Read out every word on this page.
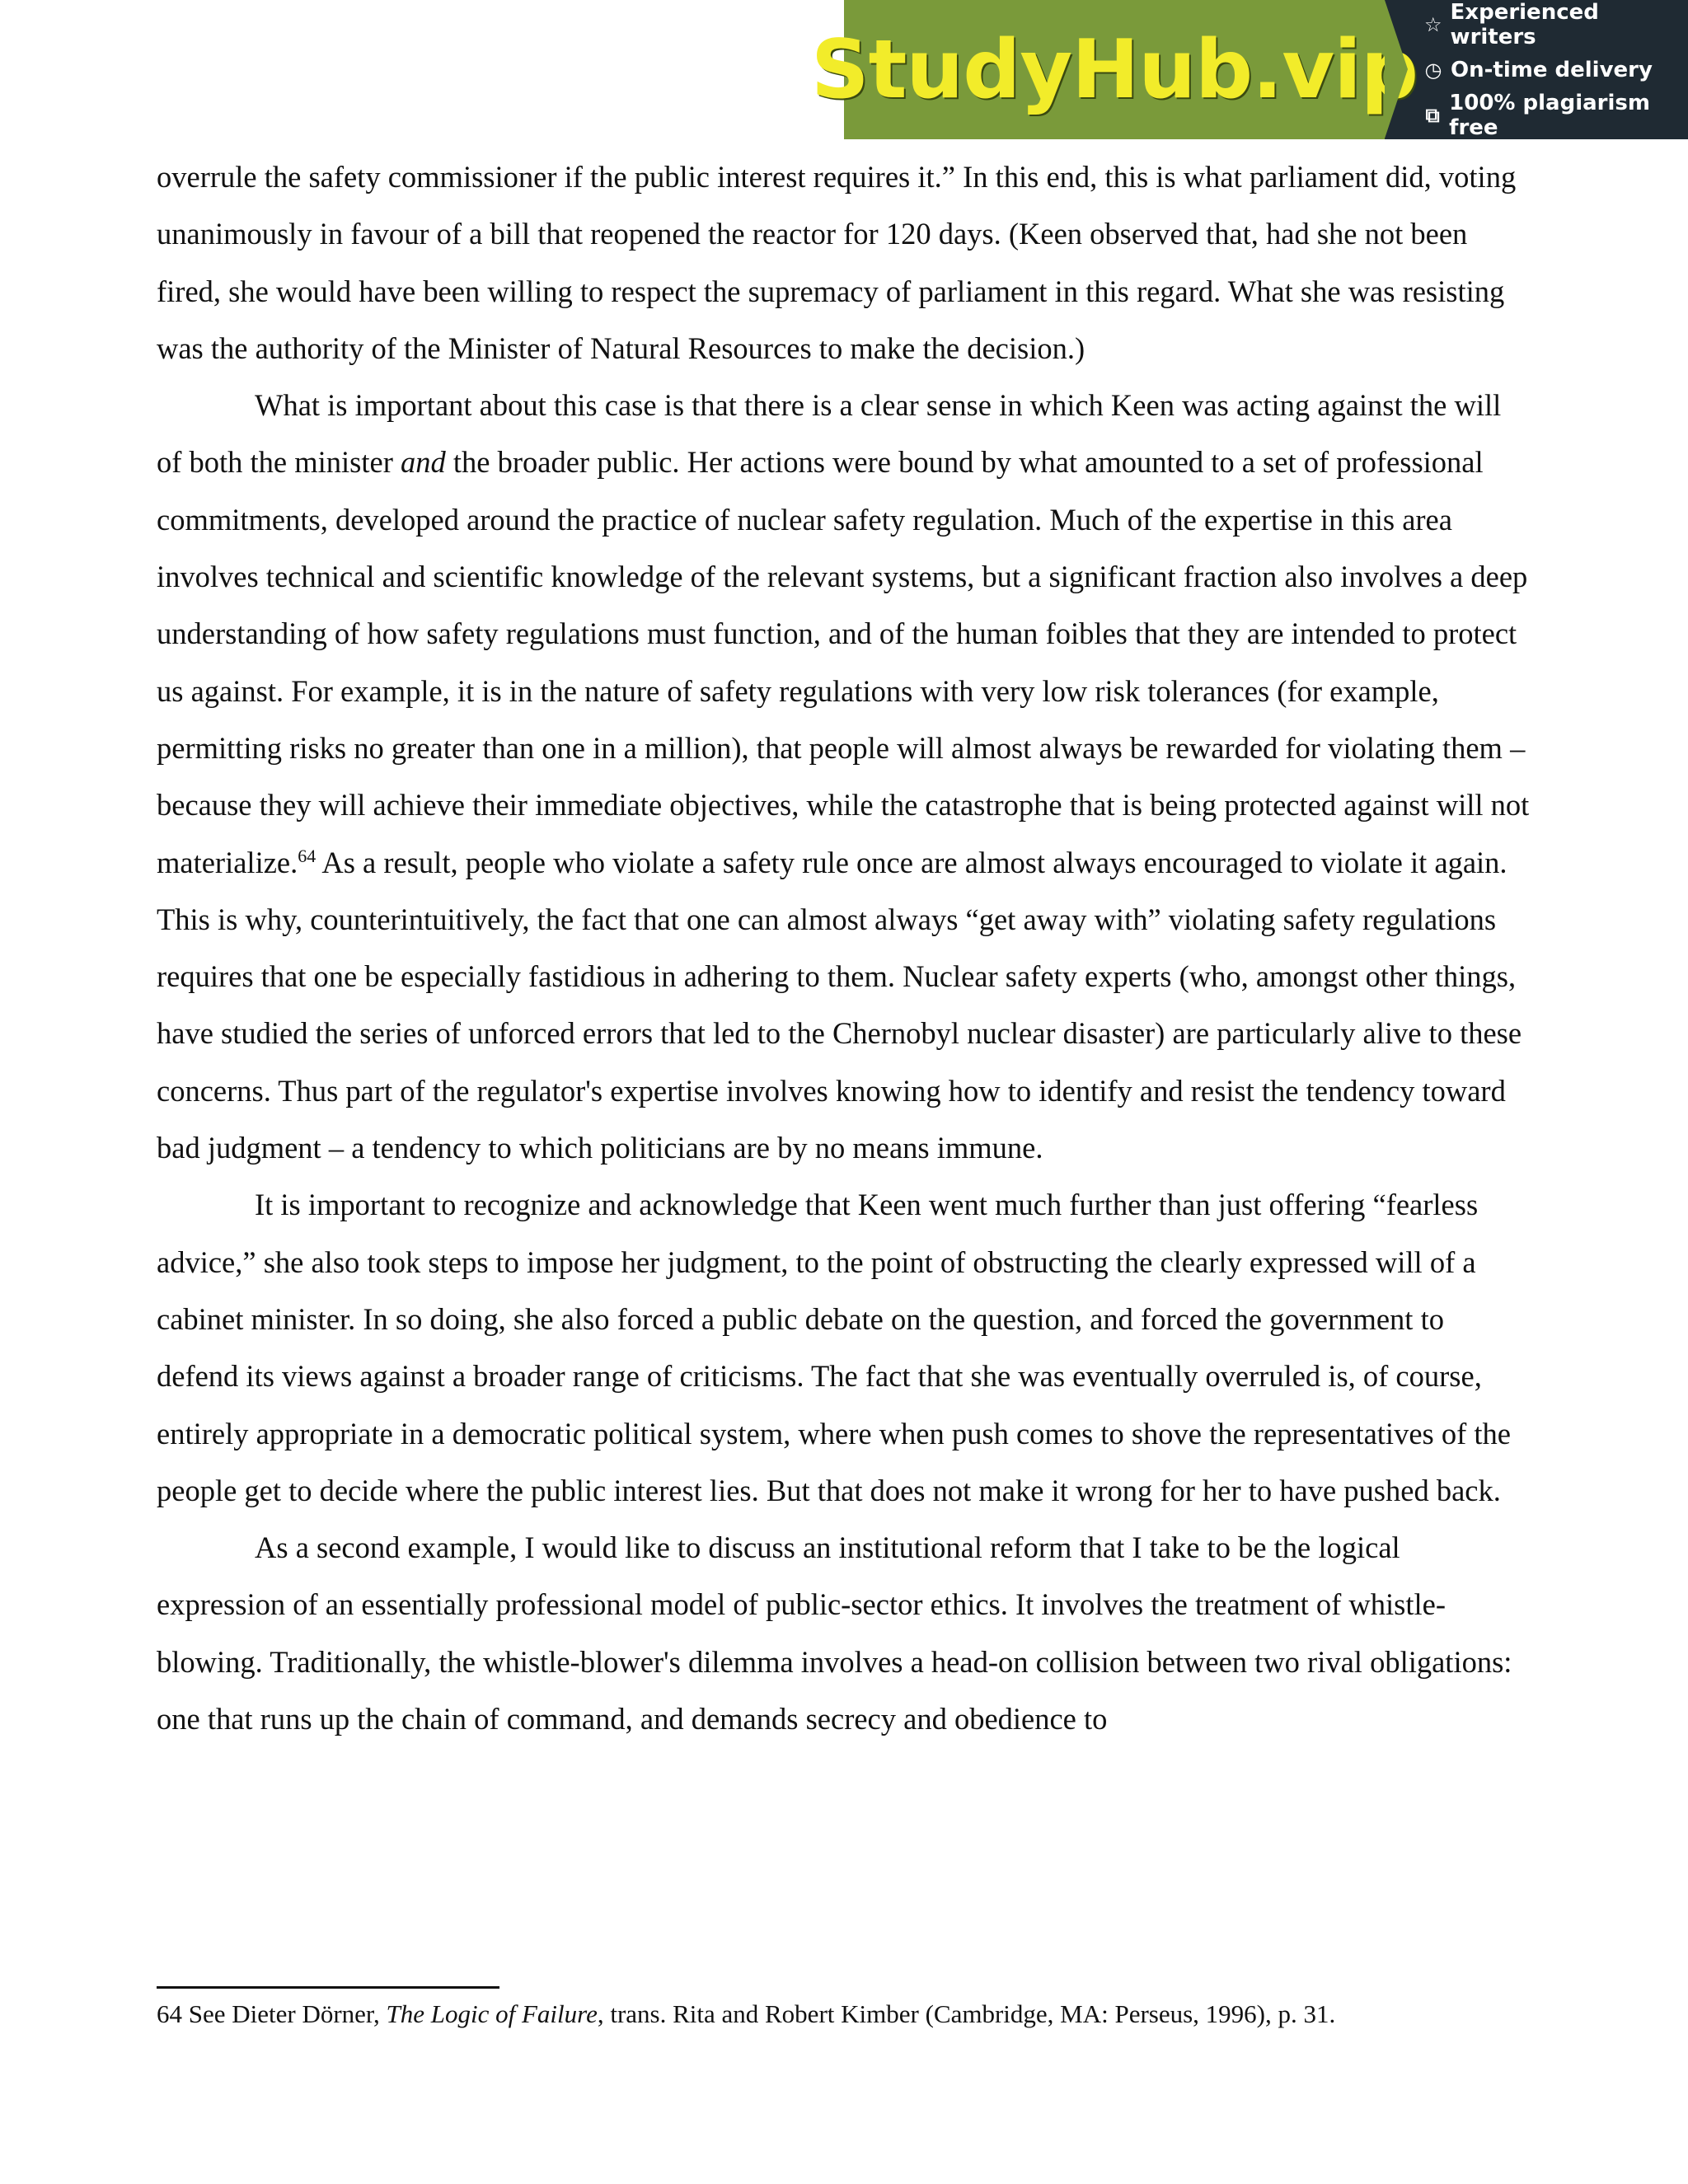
StudyHub.vip ☆ Experienced writers
◷ On-time delivery
⧉ 100% plagiarism free

overrule the safety commissioner if the public interest requires it.” In this end, this is what parliament did, voting unanimously in favour of a bill that reopened the reactor for 120 days. (Keen observed that, had she not been fired, she would have been willing to respect the supremacy of parliament in this regard. What she was resisting was the authority of the Minister of Natural Resources to make the decision.)

What is important about this case is that there is a clear sense in which Keen was acting against the will of both the minister and the broader public. Her actions were bound by what amounted to a set of professional commitments, developed around the practice of nuclear safety regulation. Much of the expertise in this area involves technical and scientific knowledge of the relevant systems, but a significant fraction also involves a deep understanding of how safety regulations must function, and of the human foibles that they are intended to protect us against. For example, it is in the nature of safety regulations with very low risk tolerances (for example, permitting risks no greater than one in a million), that people will almost always be rewarded for violating them – because they will achieve their immediate objectives, while the catastrophe that is being protected against will not materialize.$^{64}$ As a result, people who violate a safety rule once are almost always encouraged to violate it again. This is why, counterintuitively, the fact that one can almost always “get away with” violating safety regulations requires that one be especially fastidious in adhering to them. Nuclear safety experts (who, amongst other things, have studied the series of unforced errors that led to the Chernobyl nuclear disaster) are particularly alive to these concerns. Thus part of the regulator's expertise involves knowing how to identify and resist the tendency toward bad judgment – a tendency to which politicians are by no means immune.

It is important to recognize and acknowledge that Keen went much further than just offering “fearless advice,” she also took steps to impose her judgment, to the point of obstructing the clearly expressed will of a cabinet minister. In so doing, she also forced a public debate on the question, and forced the government to defend its views against a broader range of criticisms. The fact that she was eventually overruled is, of course, entirely appropriate in a democratic political system, where when push comes to shove the representatives of the people get to decide where the public interest lies. But that does not make it wrong for her to have pushed back.

As a second example, I would like to discuss an institutional reform that I take to be the logical expression of an essentially professional model of public-sector ethics. It involves the treatment of whistle-blowing. Traditionally, the whistle-blower's dilemma involves a head-on collision between two rival obligations: one that runs up the chain of command, and demands secrecy and obedience to

64 See Dieter Dörner, The Logic of Failure, trans. Rita and Robert Kimber (Cambridge, MA: Perseus, 1996), p. 31.
